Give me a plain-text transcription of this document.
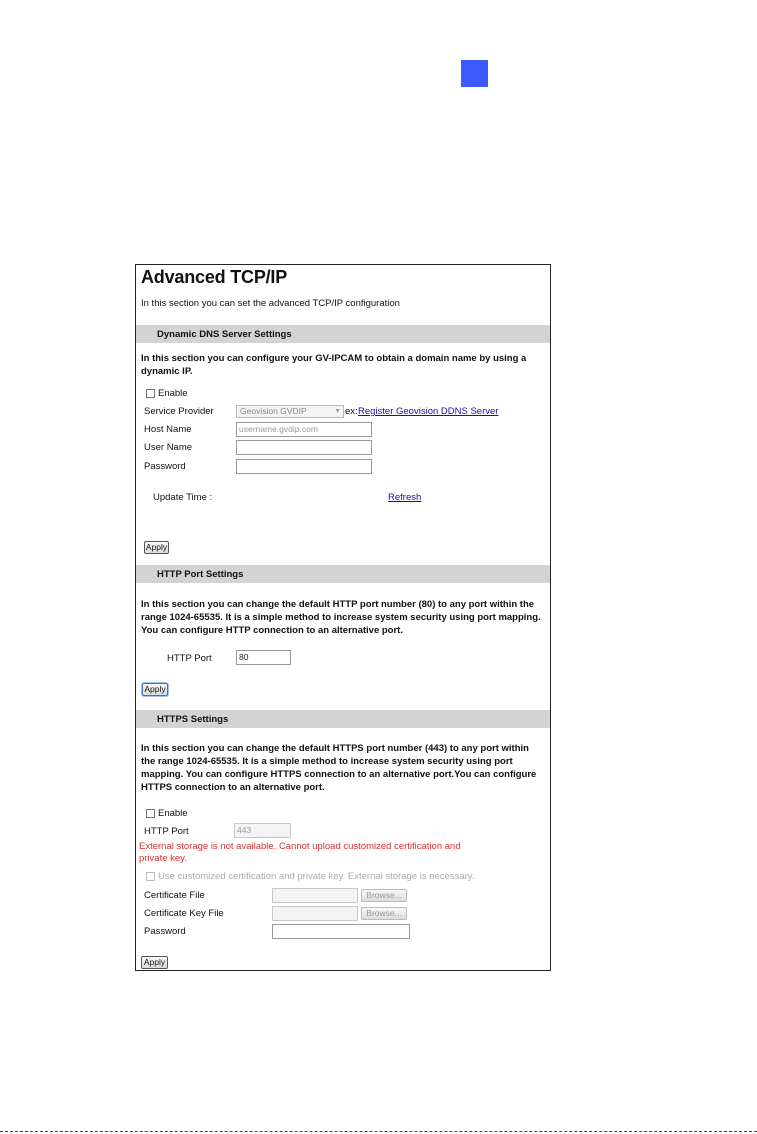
Advanced TCP/IP
In this section you can set the advanced TCP/IP configuration
Dynamic DNS Server Settings
In this section you can configure your GV-IPCAM to obtain a domain name by using a dynamic IP.
Enable
Service Provider	Geovision GVDIP	▼ ex: Register Geovision DDNS Server
Host Name	username.gvdip.com
User Name
Password
Update Time :	Refresh
Apply
HTTP Port Settings
In this section you can change the default HTTP port number (80) to any port within the range 1024-65535. It is a simple method to increase system security using port mapping. You can configure HTTP connection to an alternative port.
HTTP Port	80
Apply
HTTPS Settings
In this section you can change the default HTTPS port number (443) to any port within the range 1024-65535. It is a simple method to increase system security using port mapping. You can configure HTTPS connection to an alternative port.You can configure HTTPS connection to an alternative port.
Enable
HTTP Port	443
External storage is not available. Cannot upload customized certification and private key.
Use customized certification and private key. External storage is necessary.
Certificate File	Browse...
Certificate Key File	Browse...
Password
Apply
